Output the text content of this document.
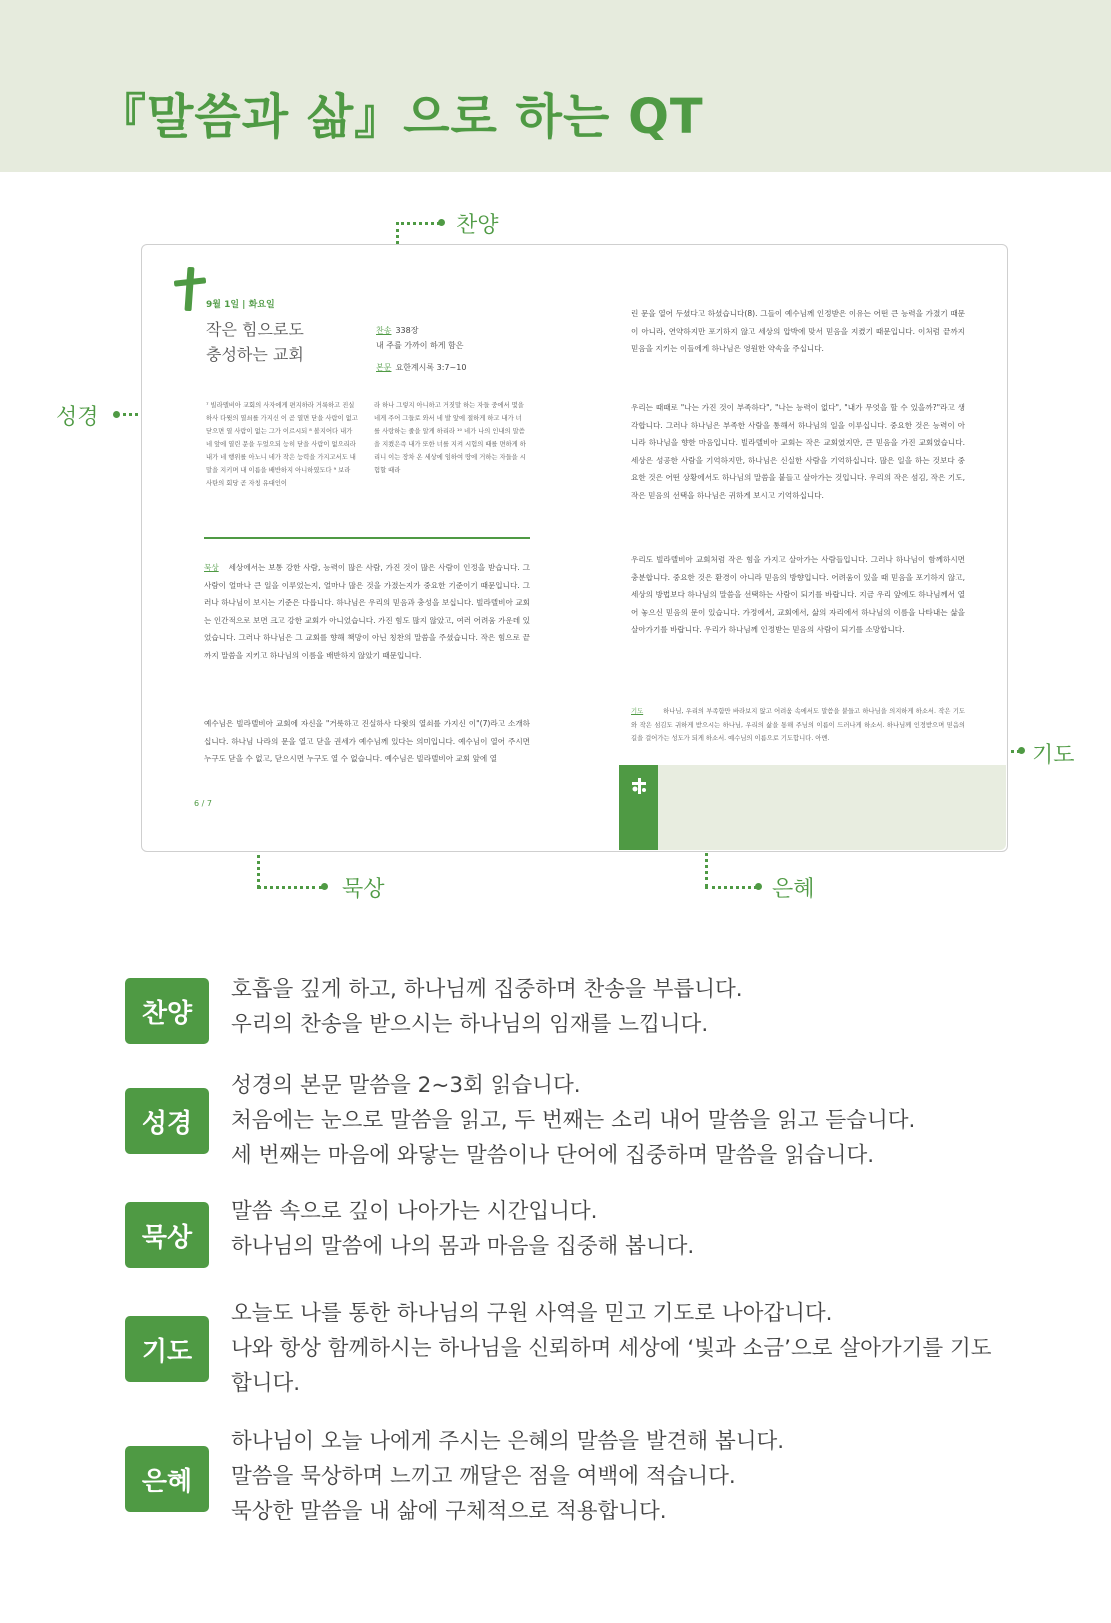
『말씀과 삶』으로 하는 QT
찬양
성경
기도
묵상	은혜
9월 1일 | 화요일
작은 힘으로도
충성하는 교회
찬송 338장
내 주를 가까이 하게 함은
본문 요한계시록 3:7~10
⁷ 빌라델비아 교회의 사자에게 편지하라 거룩하고 진실하사 다윗의 열쇠를 가지신 이 곧 열면 닫을 사람이 없고 닫으면 열 사람이 없는 그가 이르시되 ⁸ 볼지어다 내가 네 앞에 열린 문을 두었으되 능히 닫을 사람이 없으리라 내가 네 행위를 아노니 네가 작은 능력을 가지고서도 내 말을 지키며 내 이름을 배반하지 아니하였도다 ⁹ 보라 사탄의 회당 곧 자칭 유대인이
라 하나 그렇지 아니하고 거짓말 하는 자들 중에서 몇을 네게 주어 그들로 와서 네 발 앞에 절하게 하고 내가 너를 사랑하는 줄을 알게 하리라 ¹⁰ 네가 나의 인내의 말씀을 지켰은즉 내가 또한 너를 지켜 시험의 때를 면하게 하리니 이는 장차 온 세상에 임하여 땅에 거하는 자들을 시험할 때라
묵상 세상에서는 보통 강한 사람, 능력이 많은 사람, 가진 것이 많은 사람이 인정을 받습니다. 그 사람이 얼마나 큰 일을 이루었는지, 얼마나 많은 것을 가졌는지가 중요한 기준이기 때문입니다. 그러나 하나님이 보시는 기준은 다릅니다. 하나님은 우리의 믿음과 충성을 보십니다. 빌라델비아 교회는 인간적으로 보면 크고 강한 교회가 아니었습니다. 가진 힘도 많지 않았고, 여러 어려움 가운데 있었습니다. 그러나 하나님은 그 교회를 향해 책망이 아닌 칭찬의 말씀을 주셨습니다. 작은 힘으로 끝까지 말씀을 지키고 하나님의 이름을 배반하지 않았기 때문입니다.
예수님은 빌라델비아 교회에 자신을 "거룩하고 진실하사 다윗의 열쇠를 가지신 이"(7)라고 소개하십니다. 하나님 나라의 문을 열고 닫을 권세가 예수님께 있다는 의미입니다. 예수님이 열어 주시면 누구도 닫을 수 없고, 닫으시면 누구도 열 수 없습니다. 예수님은 빌라델비아 교회 앞에 열
6 / 7
린 문을 열어 두셨다고 하셨습니다(8). 그들이 예수님께 인정받은 이유는 어떤 큰 능력을 가졌기 때문이 아니라, 연약하지만 포기하지 않고 세상의 압박에 맞서 믿음을 지켰기 때문입니다. 이처럼 끝까지 믿음을 지키는 이들에게 하나님은 영원한 약속을 주십니다.
우리는 때때로 "나는 가진 것이 부족하다", "나는 능력이 없다", "내가 무엇을 할 수 있을까?"라고 생각합니다. 그러나 하나님은 부족한 사람을 통해서 하나님의 일을 이루십니다. 중요한 것은 능력이 아니라 하나님을 향한 마음입니다. 빌라델비아 교회는 작은 교회였지만, 큰 믿음을 가진 교회였습니다. 세상은 성공한 사람을 기억하지만, 하나님은 신실한 사람을 기억하십니다. 많은 일을 하는 것보다 중요한 것은 어떤 상황에서도 하나님의 말씀을 붙들고 살아가는 것입니다. 우리의 작은 섬김, 작은 기도, 작은 믿음의 선택을 하나님은 귀하게 보시고 기억하십니다.
우리도 빌라델비아 교회처럼 작은 힘을 가지고 살아가는 사람들입니다. 그러나 하나님이 함께하시면 충분합니다. 중요한 것은 환경이 아니라 믿음의 방향입니다. 어려움이 있을 때 믿음을 포기하지 않고, 세상의 방법보다 하나님의 말씀을 선택하는 사람이 되기를 바랍니다. 지금 우리 앞에도 하나님께서 열어 놓으신 믿음의 문이 있습니다. 가정에서, 교회에서, 삶의 자리에서 하나님의 이름을 나타내는 삶을 살아가기를 바랍니다. 우리가 하나님께 인정받는 믿음의 사람이 되기를 소망합니다.
기도	하나님, 우리의 부족함만 바라보지 않고 어려움 속에서도 말씀을 붙들고 하나님을 의지하게 하소서. 작은 기도와 작은 섬김도 귀하게 받으시는 하나님, 우리의 삶을 통해 주님의 이름이 드러나게 하소서. 하나님께 인정받으며 믿음의 길을 걸어가는 성도가 되게 하소서. 예수님의 이름으로 기도합니다. 아멘.
찬양
호흡을 깊게 하고, 하나님께 집중하며 찬송을 부릅니다.
우리의 찬송을 받으시는 하나님의 임재를 느낍니다.
성경
성경의 본문 말씀을 2~3회 읽습니다.
처음에는 눈으로 말씀을 읽고, 두 번째는 소리 내어 말씀을 읽고 듣습니다.
세 번째는 마음에 와닿는 말씀이나 단어에 집중하며 말씀을 읽습니다.
묵상
말씀 속으로 깊이 나아가는 시간입니다.
하나님의 말씀에 나의 몸과 마음을 집중해 봅니다.
기도
오늘도 나를 통한 하나님의 구원 사역을 믿고 기도로 나아갑니다.
나와 항상 함께하시는 하나님을 신뢰하며 세상에 ‘빛과 소금’으로 살아가기를 기도
합니다.
은혜
하나님이 오늘 나에게 주시는 은혜의 말씀을 발견해 봅니다.
말씀을 묵상하며 느끼고 깨달은 점을 여백에 적습니다.
묵상한 말씀을 내 삶에 구체적으로 적용합니다.
